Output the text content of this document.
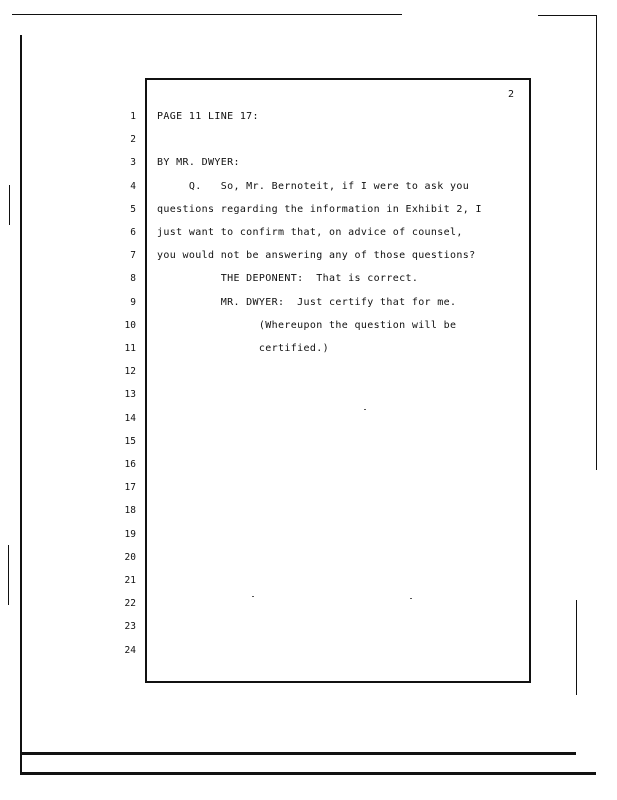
2
1 PAGE 11 LINE 17:
2
3 BY MR. DWYER:
4 Q.   So, Mr. Bernoteit, if I were to ask you
5 questions regarding the information in Exhibit 2, I
6 just want to confirm that, on advice of counsel,
7 you would not be answering any of those questions?
8 THE DEPONENT:  That is correct.
9 MR. DWYER:  Just certify that for me.
10 (Whereupon the question will be
11 certified.)
12
13
14
15
16
17
18
19
20
21
22
23
24
